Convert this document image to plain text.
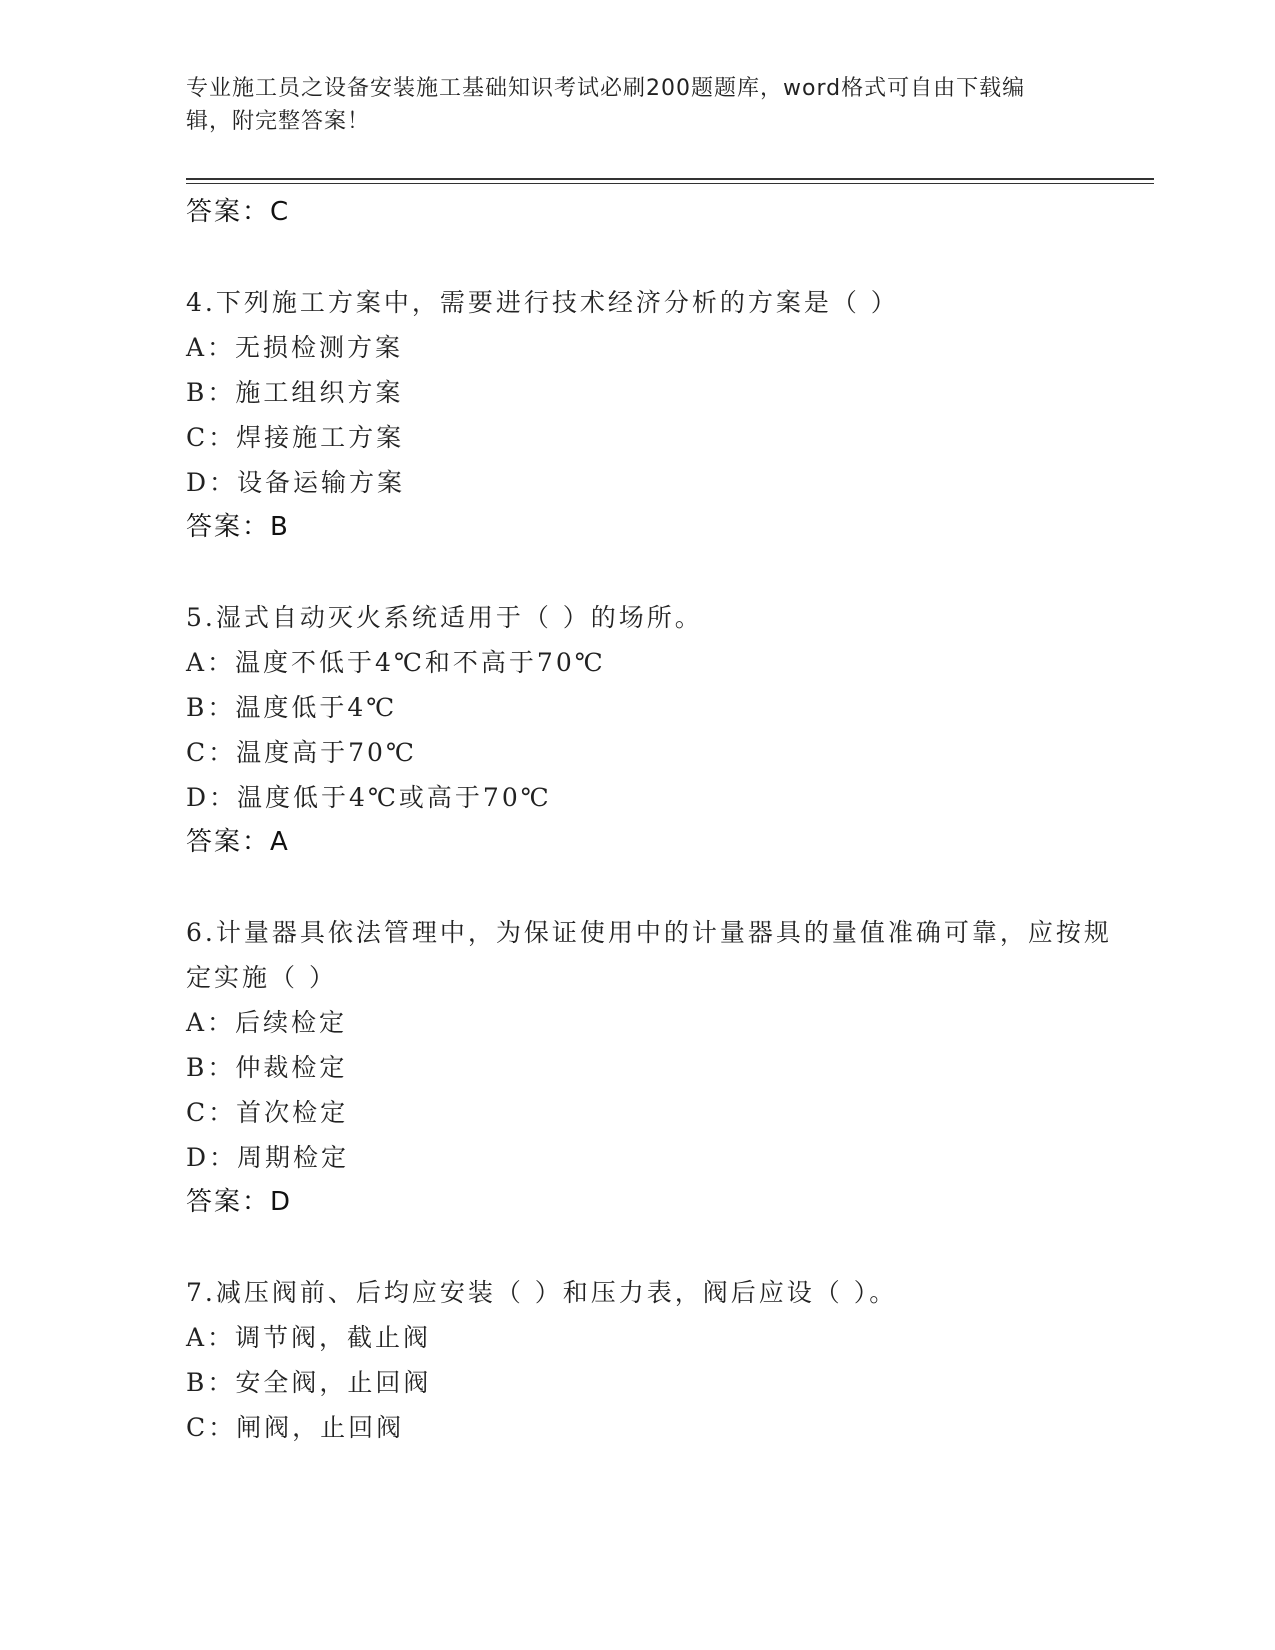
专业施工员之设备安装施工基础知识考试必刷200题题库，word格式可自由下载编辑，附完整答案！
答案：C
4.下列施工方案中，需要进行技术经济分析的方案是（ ）
A：无损检测方案
B：施工组织方案
C：焊接施工方案
D：设备运输方案
答案：B
5.湿式自动灭火系统适用于（ ）的场所。
A：温度不低于4℃和不高于70℃
B：温度低于4℃
C：温度高于70℃
D：温度低于4℃或高于70℃
答案：A
6.计量器具依法管理中，为保证使用中的计量器具的量值准确可靠，应按规定实施（ ）
A：后续检定
B：仲裁检定
C：首次检定
D：周期检定
答案：D
7.减压阀前、后均应安装（ ）和压力表，阀后应设（ ）。
A：调节阀，截止阀
B：安全阀，止回阀
C：闸阀，止回阀
